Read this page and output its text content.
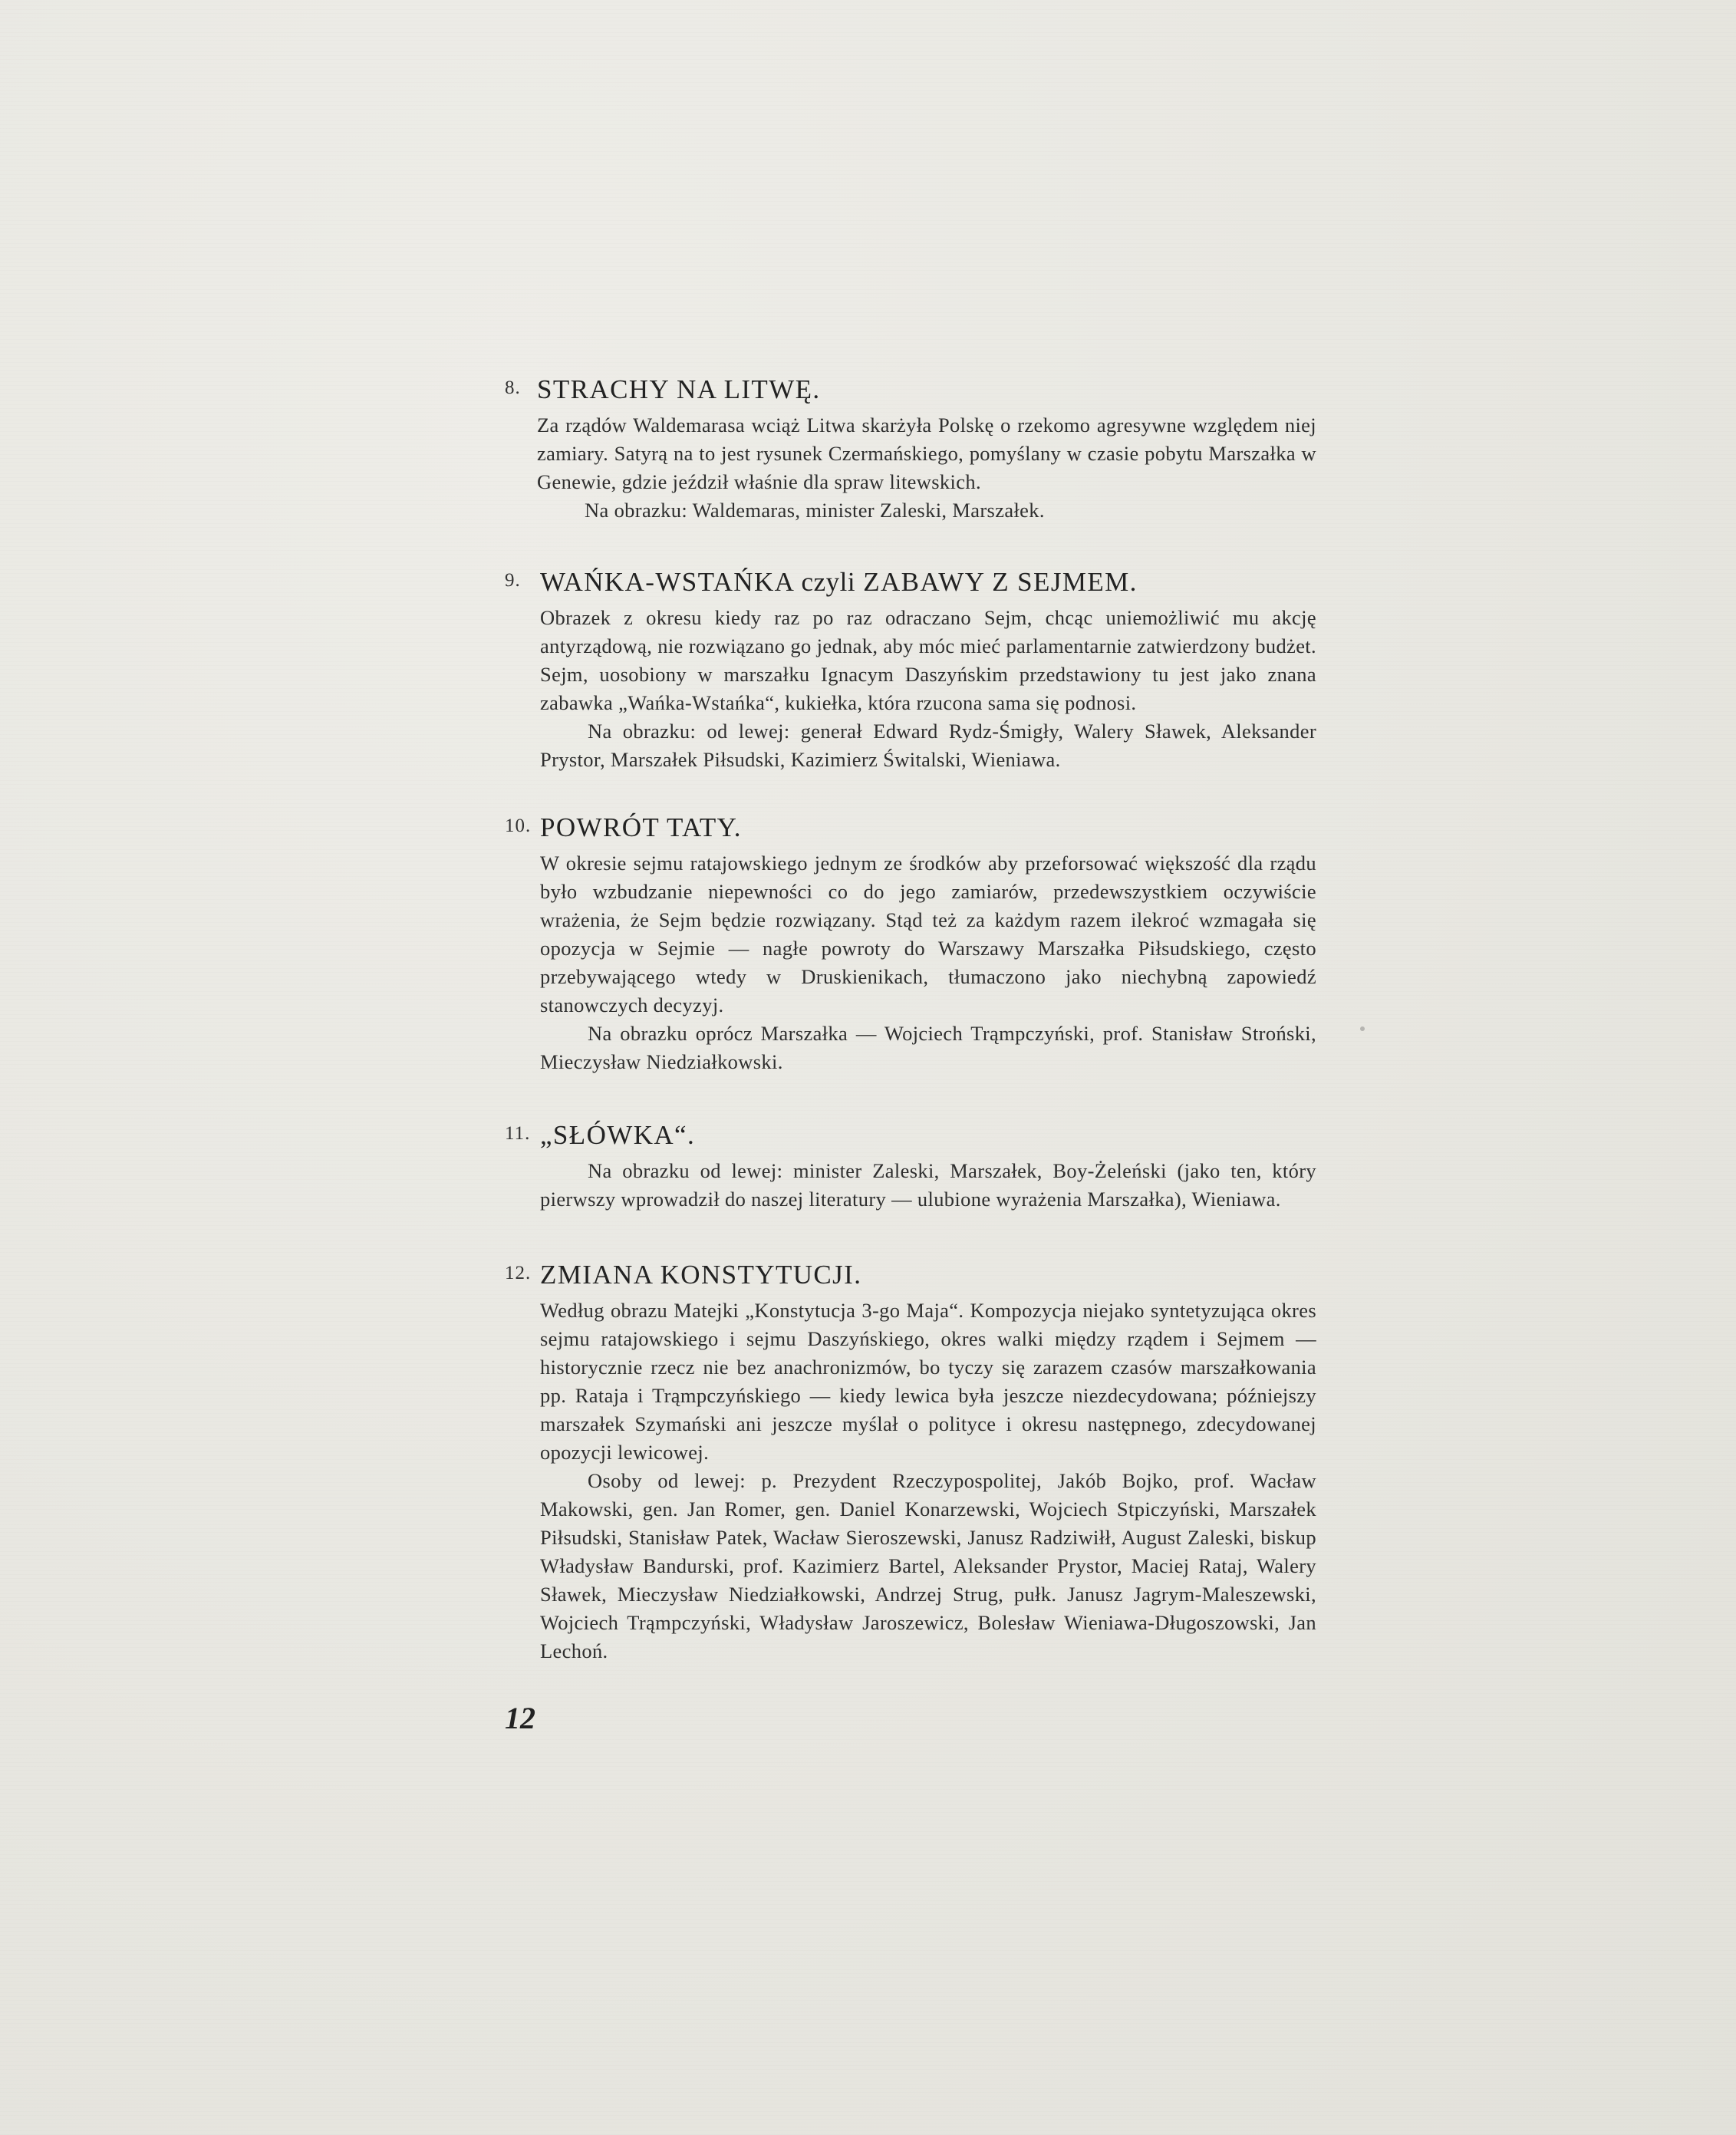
8. STRACHY NA LITWĘ.

Za rządów Waldemarasa wciąż Litwa skarżyła Polskę o rzekomo agresywne względem niej zamiary. Satyrą na to jest rysunek Czermańskiego, pomyślany w czasie pobytu Marszałka w Genewie, gdzie jeździł właśnie dla spraw litewskich.

Na obrazku: Waldemaras, minister Zaleski, Marszałek.

9. WAŃKA-WSTAŃKA czyli ZABAWY Z SEJMEM.

Obrazek z okresu kiedy raz po raz odraczano Sejm, chcąc uniemożliwić mu akcję antyrządową, nie rozwiązano go jednak, aby móc mieć parlamentarnie zatwierdzony budżet. Sejm, uosobiony w marszałku Ignacym Daszyńskim przedstawiony tu jest jako znana zabawka „Wańka-Wstańka“, kukiełka, która rzucona sama się podnosi.

Na obrazku: od lewej: generał Edward Rydz-Śmigły, Walery Sławek, Aleksander Prystor, Marszałek Piłsudski, Kazimierz Świtalski, Wieniawa.

10. POWRÓT TATY.

W okresie sejmu ratajowskiego jednym ze środków aby przeforsować większość dla rządu było wzbudzanie niepewności co do jego zamiarów, przedewszystkiem oczywiście wrażenia, że Sejm będzie rozwiązany. Stąd też za każdym razem ilekroć wzmagała się opozycja w Sejmie — nagłe powroty do Warszawy Marszałka Piłsudskiego, często przebywającego wtedy w Druskienikach, tłumaczono jako niechybną zapowiedź stanowczych decyzyj.

Na obrazku oprócz Marszałka — Wojciech Trąmpczyński, prof. Stanisław Stroński, Mieczysław Niedziałkowski.

11. „SŁÓWKA“.

Na obrazku od lewej: minister Zaleski, Marszałek, Boy-Żeleński (jako ten, który pierwszy wprowadził do naszej literatury — ulubione wyrażenia Marszałka), Wieniawa.

12. ZMIANA KONSTYTUCJI.

Według obrazu Matejki „Konstytucja 3-go Maja“. Kompozycja niejako syntetyzująca okres sejmu ratajowskiego i sejmu Daszyńskiego, okres walki między rządem i Sejmem — historycznie rzecz nie bez anachronizmów, bo tyczy się zarazem czasów marszałkowania pp. Rataja i Trąmpczyńskiego — kiedy lewica była jeszcze niezdecydowana; późniejszy marszałek Szymański ani jeszcze myślał o polityce i okresu następnego, zdecydowanej opozycji lewicowej.

Osoby od lewej: p. Prezydent Rzeczypospolitej, Jakób Bojko, prof. Wacław Makowski, gen. Jan Romer, gen. Daniel Konarzewski, Wojciech Stpiczyński, Marszałek Piłsudski, Stanisław Patek, Wacław Sieroszewski, Janusz Radziwiłł, August Zaleski, biskup Władysław Bandurski, prof. Kazimierz Bartel, Aleksander Prystor, Maciej Rataj, Walery Sławek, Mieczysław Niedziałkowski, Andrzej Strug, pułk. Janusz Jagrym-Maleszewski, Wojciech Trąmpczyński, Władysław Jaroszewicz, Bolesław Wieniawa-Długoszowski, Jan Lechoń.

12
